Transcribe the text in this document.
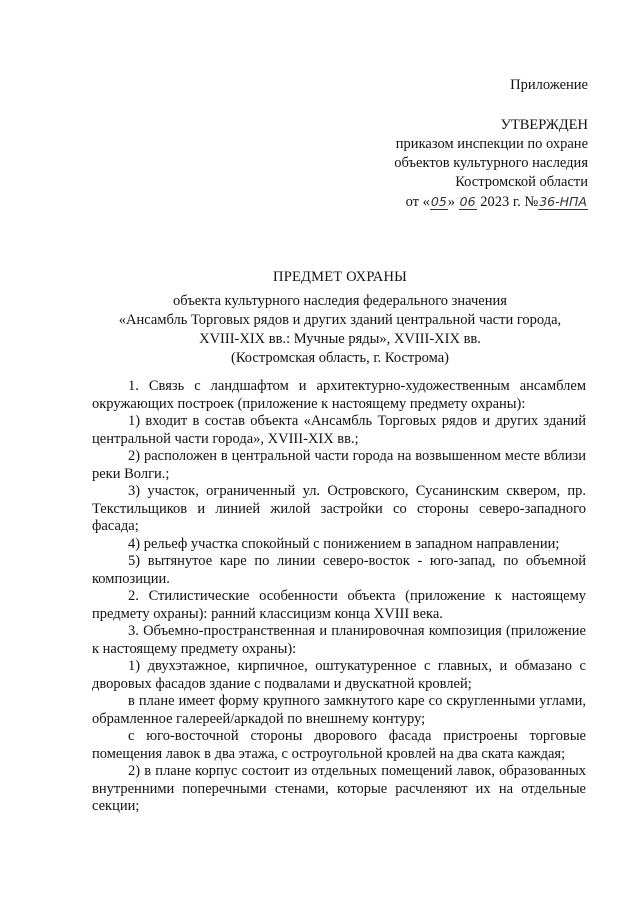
Приложение
УТВЕРЖДЕН
приказом инспекции по охране
объектов культурного наследия
Костромской области
от «05» 06 2023 г. №36-НПА
ПРЕДМЕТ ОХРАНЫ
объекта культурного наследия федерального значения
«Ансамбль Торговых рядов и других зданий центральной части города,
XVIII-XIX вв.: Мучные ряды», XVIII-XIX вв.
(Костромская область, г. Кострома)

1. Связь с ландшафтом и архитектурно-художественным ансамблем окружающих построек (приложение к настоящему предмету охраны):

1) входит в состав объекта «Ансамбль Торговых рядов и других зданий центральной части города», XVIII-XIX вв.;

2) расположен в центральной части города на возвышенном месте вблизи реки Волги.;

3) участок, ограниченный ул. Островского, Сусанинским сквером, пр. Текстильщиков и линией жилой застройки со стороны северо-западного фасада;

4) рельеф участка спокойный с понижением в западном направлении;

5) вытянутое каре по линии северо-восток - юго-запад, по объемной композиции.

2. Стилистические особенности объекта (приложение к настоящему предмету охраны): ранний классицизм конца XVIII века.

3. Объемно-пространственная и планировочная композиция (приложение к настоящему предмету охраны):

1) двухэтажное, кирпичное, оштукатуренное с главных, и обмазано с дворовых фасадов здание с подвалами и двускатной кровлей;

в плане имеет форму крупного замкнутого каре со скругленными углами, обрамленное галереей/аркадой по внешнему контуру;

с юго-восточной стороны дворового фасада пристроены торговые помещения лавок в два этажа, с остроугольной кровлей на два ската каждая;

2) в плане корпус состоит из отдельных помещений лавок, образованных внутренними поперечными стенами, которые расчленяют их на отдельные секции;
